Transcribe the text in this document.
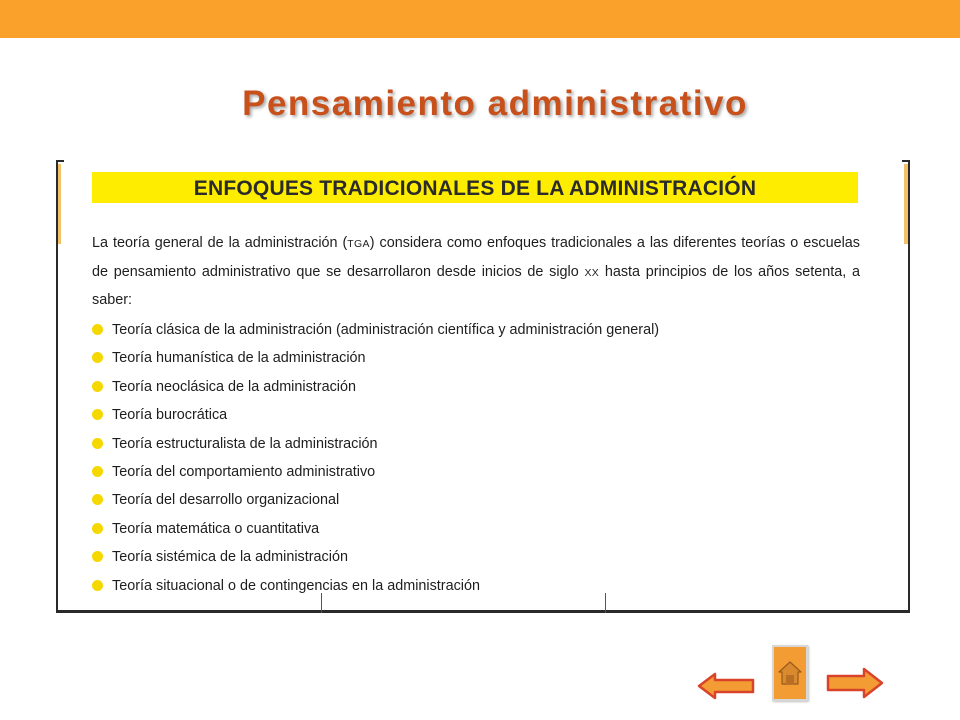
Pensamiento administrativo
ENFOQUES TRADICIONALES DE LA ADMINISTRACIÓN

La teoría general de la administración (TGA) considera como enfoques tradicionales a las diferentes teorías o escuelas de pensamiento administrativo que se desarrollaron desde inicios de siglo XX hasta principios de los años setenta, a saber:

Teoría clásica de la administración (administración científica y administración general)
Teoría humanística de la administración
Teoría neoclásica de la administración
Teoría burocrática
Teoría estructuralista de la administración
Teoría del comportamiento administrativo
Teoría del desarrollo organizacional
Teoría matemática o cuantitativa
Teoría sistémica de la administración
Teoría situacional o de contingencias en la administración
